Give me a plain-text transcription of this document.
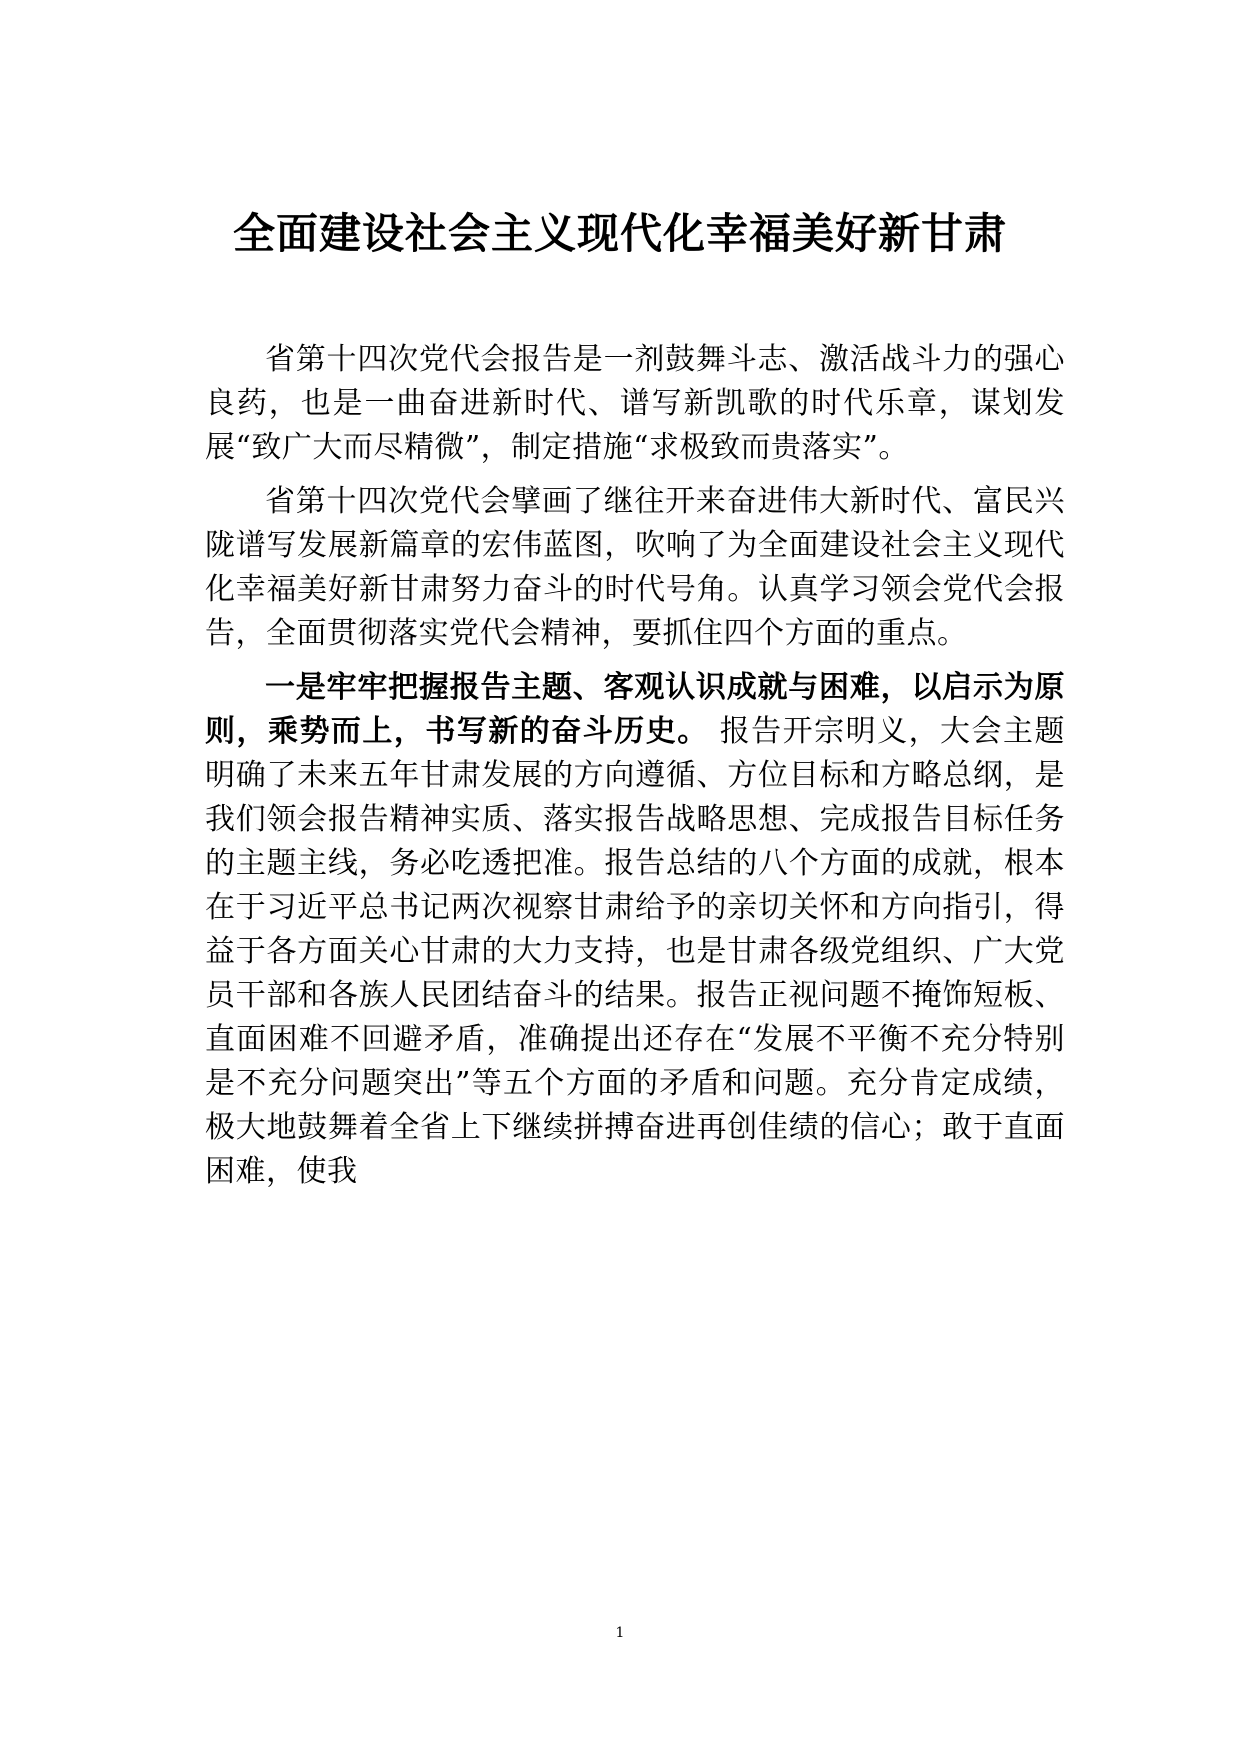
全面建设社会主义现代化幸福美好新甘肃

省第十四次党代会报告是一剂鼓舞斗志、激活战斗力的强心良药，也是一曲奋进新时代、谱写新凯歌的时代乐章，谋划发展“致广大而尽精微”，制定措施“求极致而贵落实”。

省第十四次党代会擘画了继往开来奋进伟大新时代、富民兴陇谱写发展新篇章的宏伟蓝图，吹响了为全面建设社会主义现代化幸福美好新甘肃努力奋斗的时代号角。认真学习领会党代会报告，全面贯彻落实党代会精神，要抓住四个方面的重点。

一是牢牢把握报告主题、客观认识成就与困难，以启示为原则，乘势而上，书写新的奋斗历史。 报告开宗明义，大会主题明确了未来五年甘肃发展的方向遵循、方位目标和方略总纲，是我们领会报告精神实质、落实报告战略思想、完成报告目标任务的主题主线，务必吃透把准。报告总结的八个方面的成就，根本在于习近平总书记两次视察甘肃给予的亲切关怀和方向指引，得益于各方面关心甘肃的大力支持，也是甘肃各级党组织、广大党员干部和各族人民团结奋斗的结果。报告正视问题不掩饰短板、直面困难不回避矛盾，准确提出还存在“发展不平衡不充分特别是不充分问题突出”等五个方面的矛盾和问题。充分肯定成绩，极大地鼓舞着全省上下继续拼搏奋进再创佳绩的信心；敢于直面困难，使我

1
